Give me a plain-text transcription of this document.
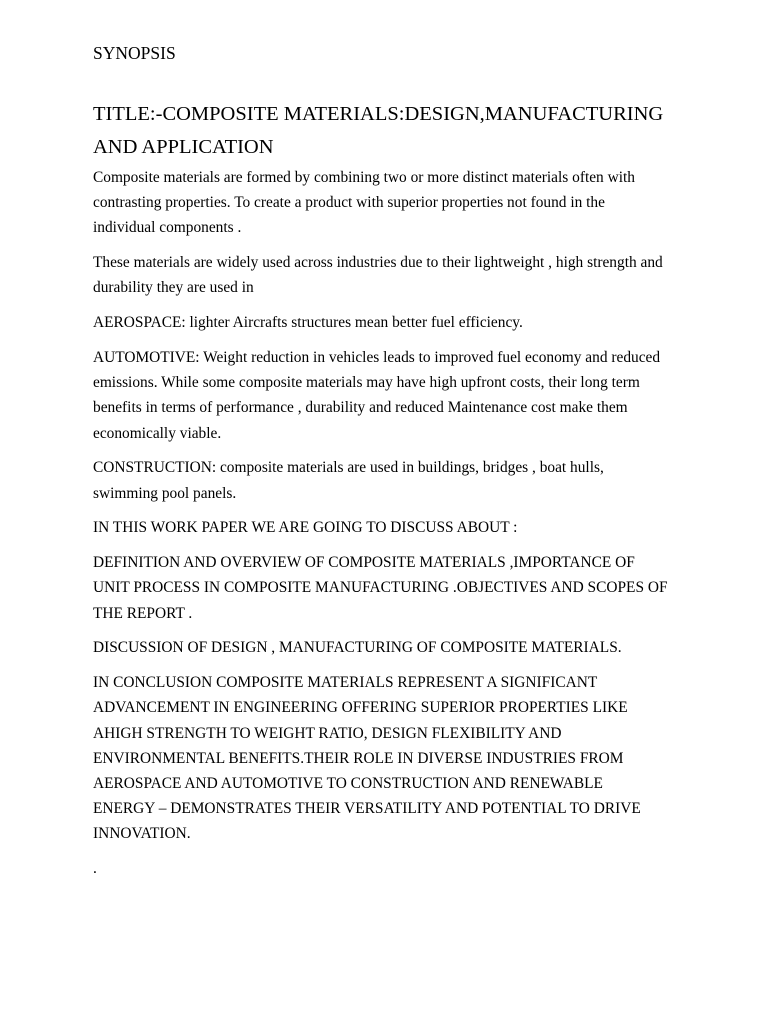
SYNOPSIS
TITLE:-COMPOSITE MATERIALS:DESIGN,MANUFACTURING
AND APPLICATION

Composite materials are formed by combining two or more distinct materials often with
contrasting properties. To create a product with superior properties not found in the
individual components .

These materials are widely used across industries due to their lightweight , high strength and
durability they are used in

AEROSPACE: lighter Aircrafts structures mean better fuel efficiency.

AUTOMOTIVE: Weight reduction in vehicles leads to improved fuel economy and reduced
emissions. While some composite materials may have high upfront costs, their long term
benefits in terms of performance , durability and reduced Maintenance cost make them
economically viable.

CONSTRUCTION: composite materials are used in buildings, bridges , boat hulls,
swimming pool panels.

IN THIS WORK PAPER WE ARE GOING TO DISCUSS ABOUT :

DEFINITION AND OVERVIEW OF COMPOSITE MATERIALS ,IMPORTANCE OF
UNIT PROCESS IN COMPOSITE MANUFACTURING .OBJECTIVES AND SCOPES OF
THE REPORT .

DISCUSSION OF DESIGN , MANUFACTURING OF COMPOSITE MATERIALS.

IN CONCLUSION COMPOSITE MATERIALS REPRESENT A SIGNIFICANT
ADVANCEMENT IN ENGINEERING OFFERING SUPERIOR PROPERTIES LIKE
AHIGH STRENGTH TO WEIGHT RATIO, DESIGN FLEXIBILITY AND
ENVIRONMENTAL BENEFITS.THEIR ROLE IN DIVERSE INDUSTRIES FROM
AEROSPACE AND AUTOMOTIVE TO CONSTRUCTION AND RENEWABLE
ENERGY – DEMONSTRATES THEIR VERSATILITY AND POTENTIAL TO DRIVE
INNOVATION.

.
